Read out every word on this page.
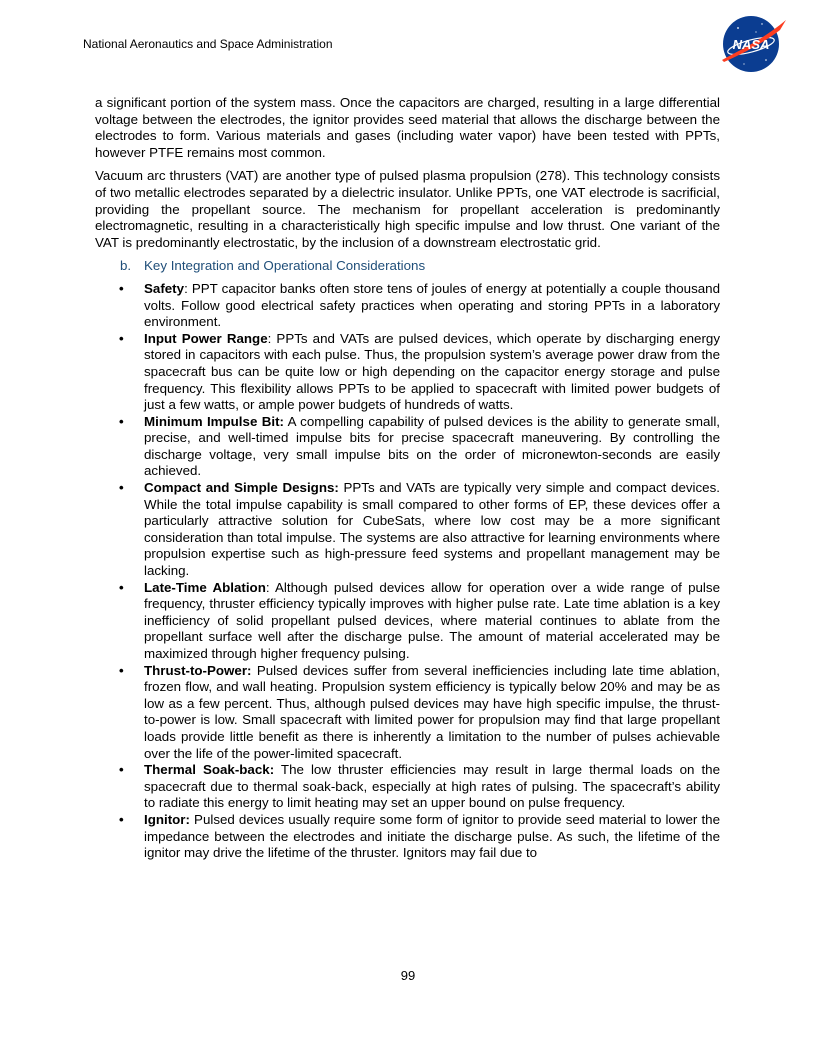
National Aeronautics and Space Administration	NASA

a significant portion of the system mass. Once the capacitors are charged, resulting in a large differential voltage between the electrodes, the ignitor provides seed material that allows the discharge between the electrodes to form. Various materials and gases (including water vapor) have been tested with PPTs, however PTFE remains most common.

Vacuum arc thrusters (VAT) are another type of pulsed plasma propulsion (278). This technology consists of two metallic electrodes separated by a dielectric insulator. Unlike PPTs, one VAT electrode is sacrificial, providing the propellant source. The mechanism for propellant acceleration is predominantly electromagnetic, resulting in a characteristically high specific impulse and low thrust. One variant of the VAT is predominantly electrostatic, by the inclusion of a downstream electrostatic grid.

b. Key Integration and Operational Considerations
• Safety: PPT capacitor banks often store tens of joules of energy at potentially a couple thousand volts. Follow good electrical safety practices when operating and storing PPTs in a laboratory environment.
• Input Power Range: PPTs and VATs are pulsed devices, which operate by discharging energy stored in capacitors with each pulse. Thus, the propulsion system’s average power draw from the spacecraft bus can be quite low or high depending on the capacitor energy storage and pulse frequency. This flexibility allows PPTs to be applied to spacecraft with limited power budgets of just a few watts, or ample power budgets of hundreds of watts.
• Minimum Impulse Bit: A compelling capability of pulsed devices is the ability to generate small, precise, and well-timed impulse bits for precise spacecraft maneuvering. By controlling the discharge voltage, very small impulse bits on the order of micronewton-seconds are easily achieved.
• Compact and Simple Designs: PPTs and VATs are typically very simple and compact devices. While the total impulse capability is small compared to other forms of EP, these devices offer a particularly attractive solution for CubeSats, where low cost may be a more significant consideration than total impulse. The systems are also attractive for learning environments where propulsion expertise such as high-pressure feed systems and propellant management may be lacking.
• Late-Time Ablation: Although pulsed devices allow for operation over a wide range of pulse frequency, thruster efficiency typically improves with higher pulse rate. Late time ablation is a key inefficiency of solid propellant pulsed devices, where material continues to ablate from the propellant surface well after the discharge pulse. The amount of material accelerated may be maximized through higher frequency pulsing.
• Thrust-to-Power: Pulsed devices suffer from several inefficiencies including late time ablation, frozen flow, and wall heating. Propulsion system efficiency is typically below 20% and may be as low as a few percent. Thus, although pulsed devices may have high specific impulse, the thrust-to-power is low. Small spacecraft with limited power for propulsion may find that large propellant loads provide little benefit as there is inherently a limitation to the number of pulses achievable over the life of the power-limited spacecraft.
• Thermal Soak-back: The low thruster efficiencies may result in large thermal loads on the spacecraft due to thermal soak-back, especially at high rates of pulsing. The spacecraft’s ability to radiate this energy to limit heating may set an upper bound on pulse frequency.
• Ignitor: Pulsed devices usually require some form of ignitor to provide seed material to lower the impedance between the electrodes and initiate the discharge pulse. As such, the lifetime of the ignitor may drive the lifetime of the thruster. Ignitors may fail due to
99
